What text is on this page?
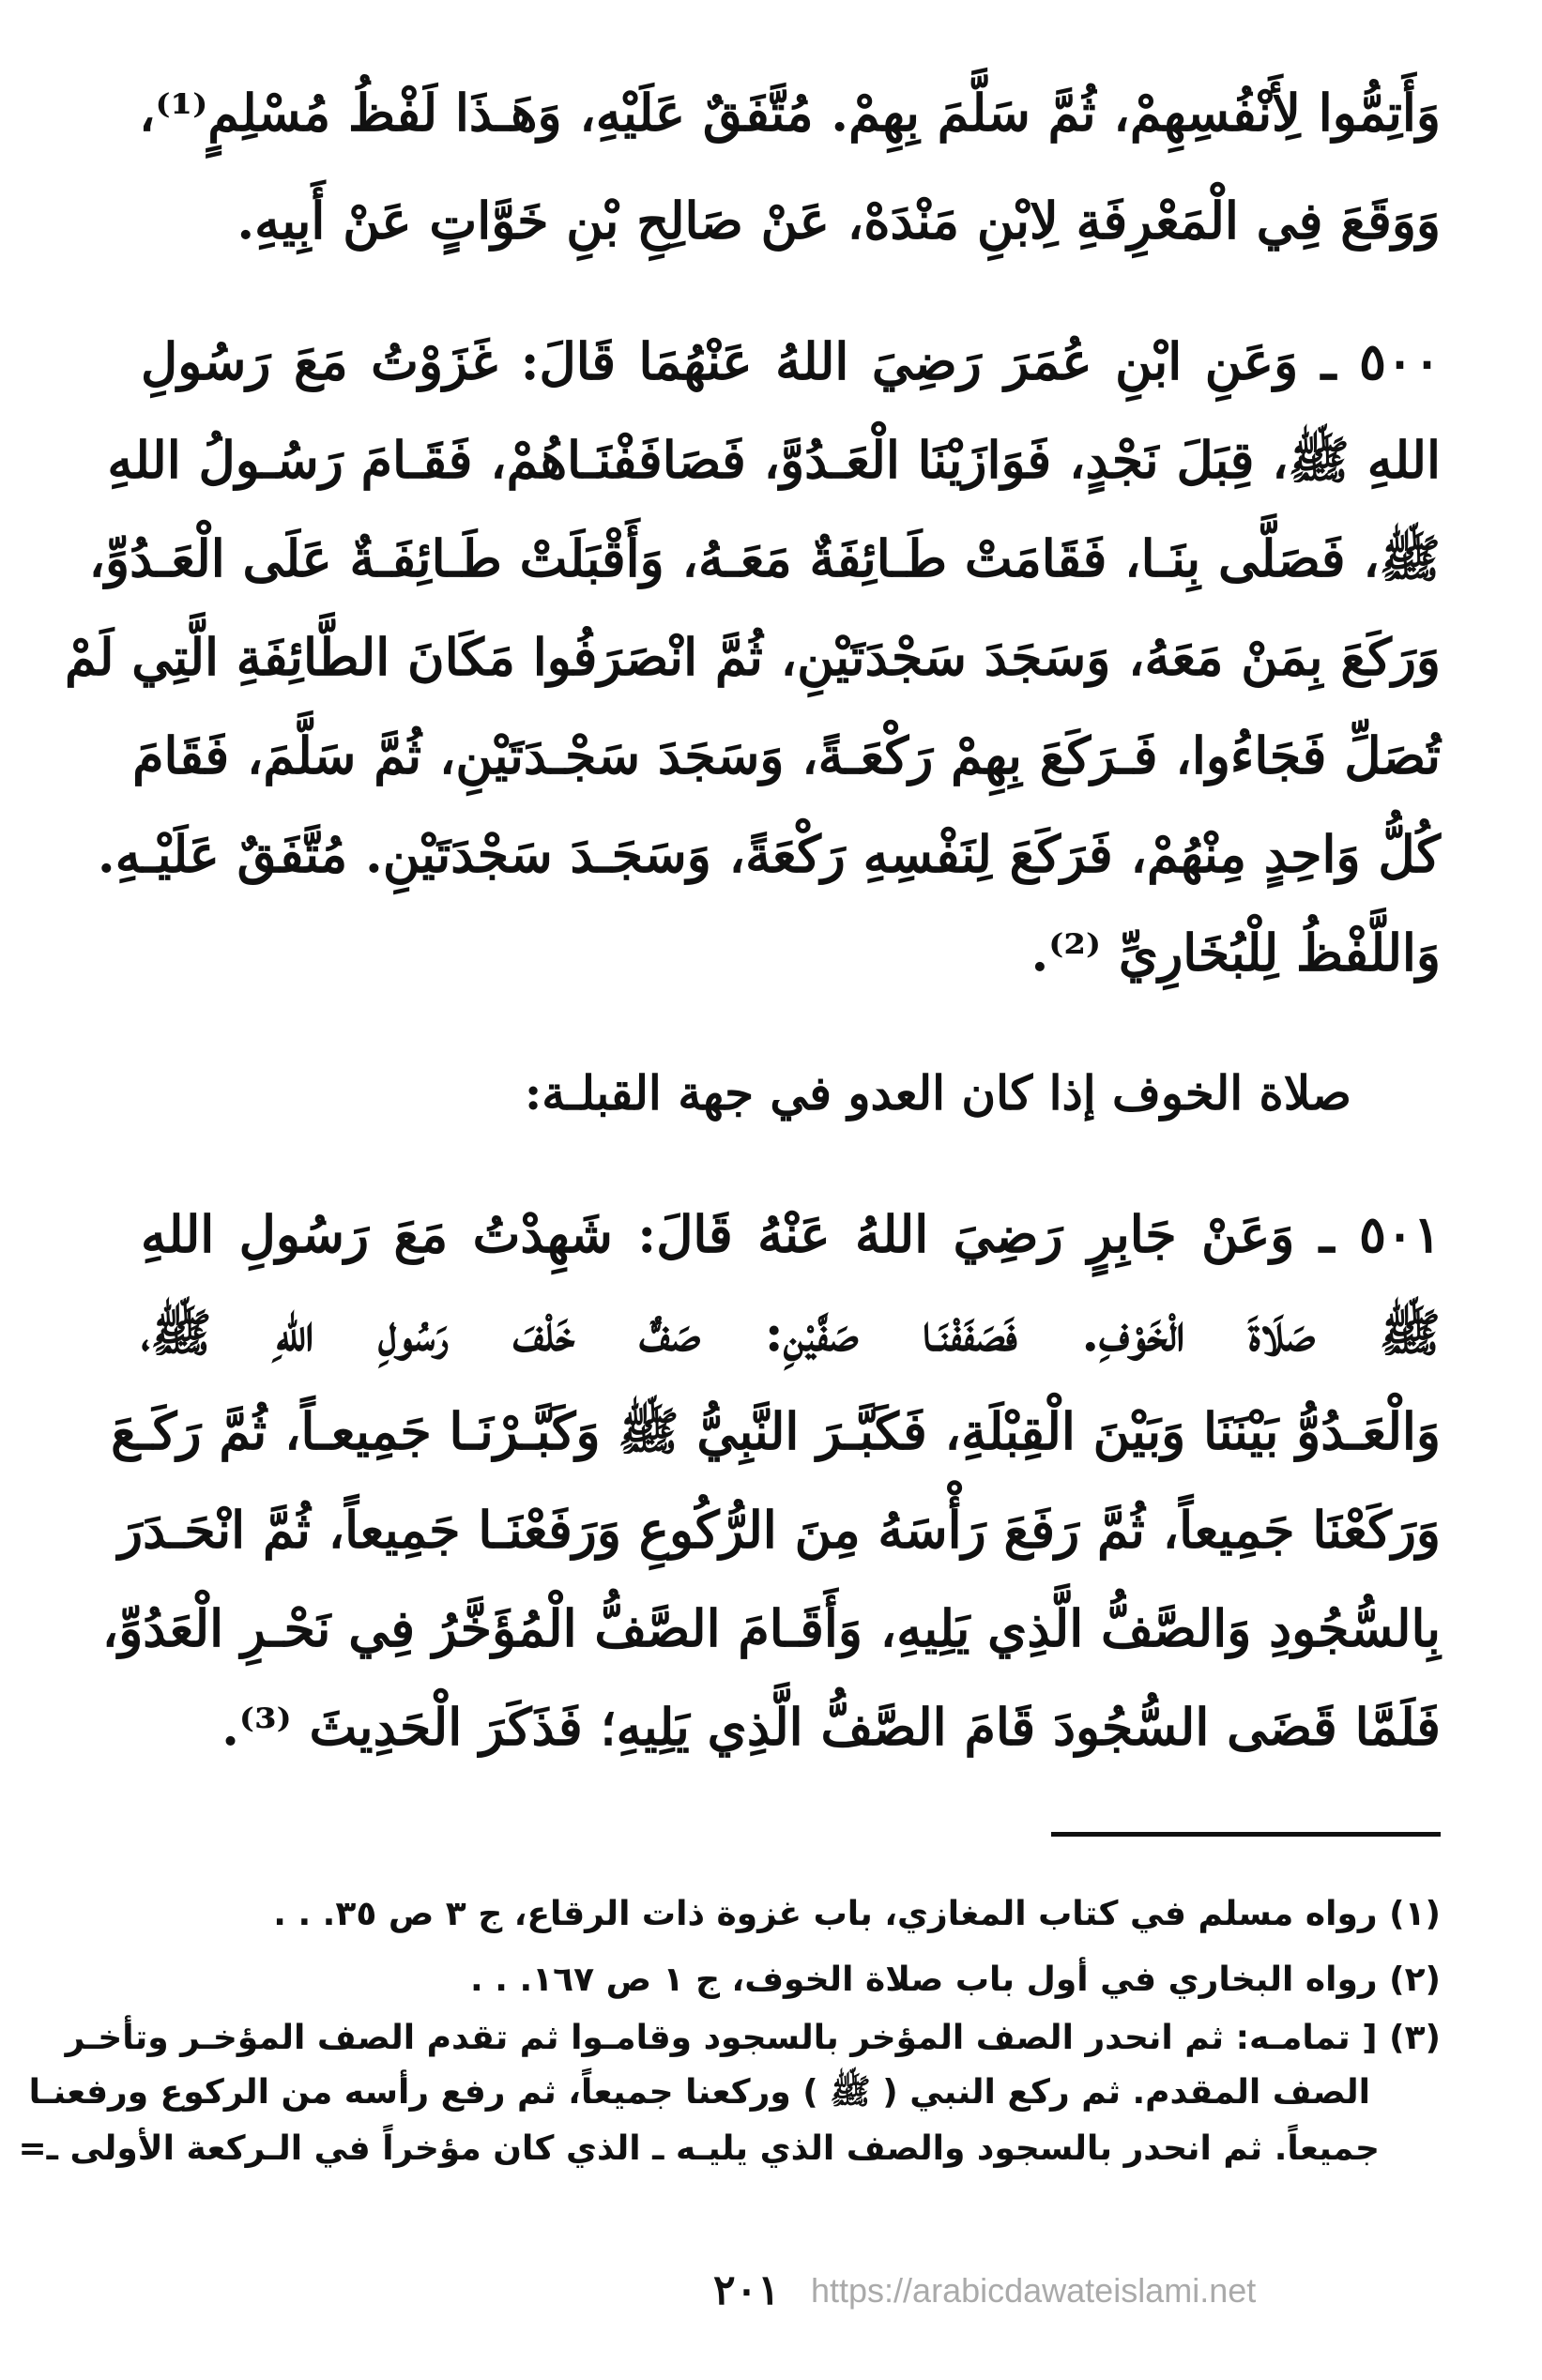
وَأَتِمُّوا لِأَنْفُسِهِمْ، ثُمَّ سَلَّمَ بِهِمْ. مُتَّفَقٌ عَلَيْهِ، وَهَـذَا لَفْظُ مُسْلِمٍ⁽¹⁾،
وَوَقَعَ فِي الْمَعْرِفَةِ لِابْنِ مَنْدَهْ، عَنْ صَالِحِ بْنِ خَوَّاتٍ عَنْ أَبِيهِ.
٥٠٠ ـ وَعَنِ ابْنِ عُمَرَ رَضِيَ اللهُ عَنْهُمَا قَالَ: غَزَوْتُ مَعَ رَسُولِ
اللهِ ﷺ، قِبَلَ نَجْدٍ، فَوَازَيْنَا الْعَـدُوَّ، فَصَافَفْنَـاهُمْ، فَقَـامَ رَسُـولُ اللهِ
ﷺ، فَصَلَّى بِنَـا، فَقَامَتْ طَـائِفَةٌ مَعَـهُ، وَأَقْبَلَتْ طَـائِفَـةٌ عَلَى الْعَـدُوِّ،
وَرَكَعَ بِمَنْ مَعَهُ، وَسَجَدَ سَجْدَتَيْنِ، ثُمَّ انْصَرَفُوا مَكَانَ الطَّائِفَةِ الَّتِي لَمْ
تُصَلِّ فَجَاءُوا، فَـرَكَعَ بِهِمْ رَكْعَـةً، وَسَجَدَ سَجْـدَتَيْنِ، ثُمَّ سَلَّمَ، فَقَامَ
كُلُّ وَاحِدٍ مِنْهُمْ، فَرَكَعَ لِنَفْسِهِ رَكْعَةً، وَسَجَـدَ سَجْدَتَيْنِ. مُتَّفَقٌ عَلَيْـهِ.
وَاللَّفْظُ لِلْبُخَارِيِّ ⁽²⁾.
صلاة الخوف إذا كان العدو في جهة القبلـة:
٥٠١ ـ وَعَنْ جَابِرٍ رَضِيَ اللهُ عَنْهُ قَالَ: شَهِدْتُ مَعَ رَسُولِ اللهِ
ﷺ صَلَاةَ الْخَوْفِ. فَصَفَفْنَـا صَفَّيْنِ: صَفٌّ خَلْفَ رَسُولِ اللهِ ﷺ،
وَالْعَـدُوُّ بَيْنَنَا وَبَيْنَ الْقِبْلَةِ، فَكَبَّـرَ النَّبِيُّ ﷺ وَكَبَّـرْنَـا جَمِيعـاً، ثُمَّ رَكَـعَ
وَرَكَعْنَا جَمِيعاً، ثُمَّ رَفَعَ رَأْسَهُ مِنَ الرُّكُوعِ وَرَفَعْنَـا جَمِيعاً، ثُمَّ انْحَـدَرَ
بِالسُّجُودِ وَالصَّفُّ الَّذِي يَلِيهِ، وَأَقَـامَ الصَّفُّ الْمُؤَخَّرُ فِي نَحْـرِ الْعَدُوِّ،
فَلَمَّا قَضَى السُّجُودَ قَامَ الصَّفُّ الَّذِي يَلِيهِ؛ فَذَكَرَ الْحَدِيثَ ⁽³⁾.
(١) رواه مسلم في كتاب المغازي، باب غزوة ذات الرقاع، ج ٣ ص ٣٥. . .
(٢) رواه البخاري في أول باب صلاة الخوف، ج ١ ص ١٦٧. . .
(٣) [ تمامـه: ثم انحدر الصف المؤخر بالسجود وقامـوا ثم تقدم الصف المؤخـر وتأخـر
الصف المقدم. ثم ركع النبي ( ﷺ ) وركعنا جميعاً، ثم رفع رأسه من الركوع ورفعنـا
جميعاً. ثم انحدر بالسجود والصف الذي يليـه ـ الذي كان مؤخراً في الـركعة الأولى ـ=
٢٠١ https://arabicdawateislami.net
